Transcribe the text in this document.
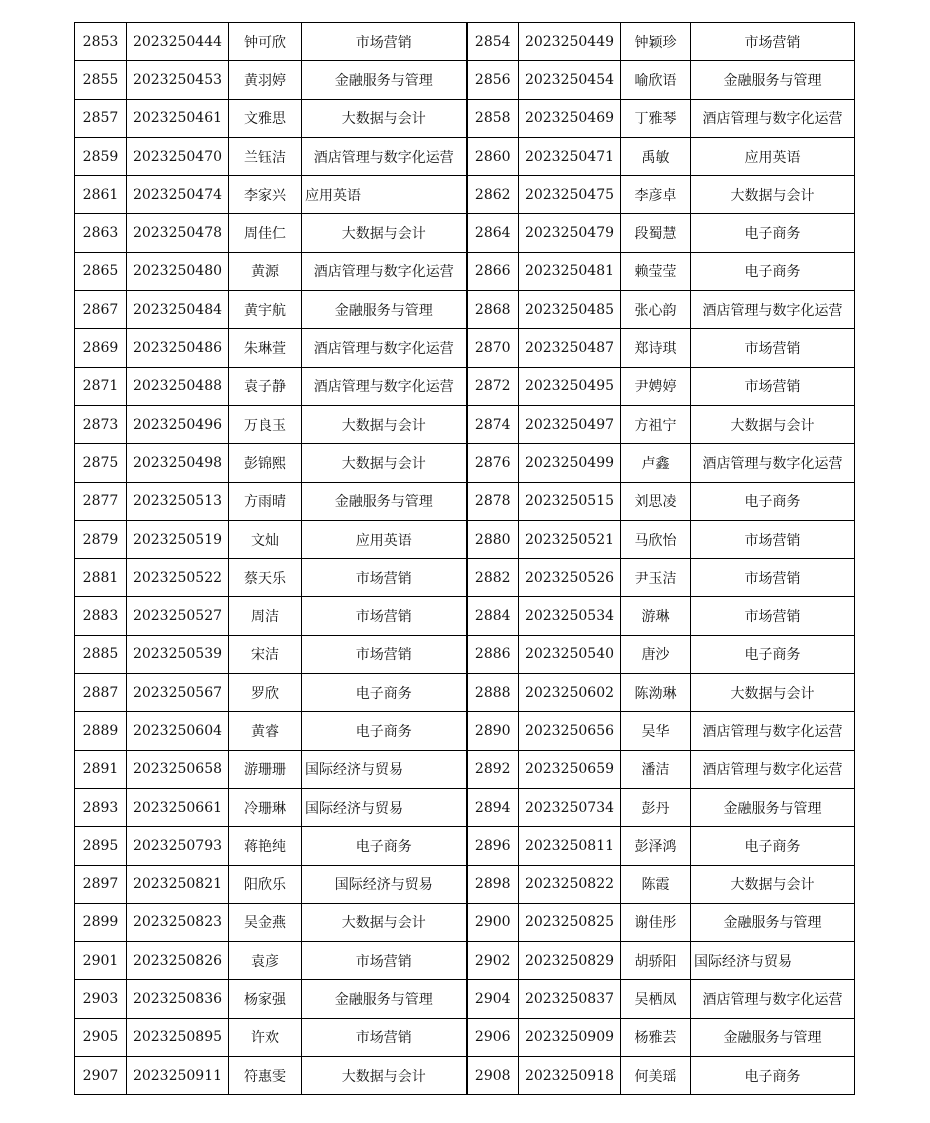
2853	2023250444	钟可欣	市场营销	2854	2023250449	钟颖珍	市场营销
2855	2023250453	黄羽婷	金融服务与管理	2856	2023250454	喻欣语	金融服务与管理
2857	2023250461	文雅思	大数据与会计	2858	2023250469	丁雅琴	酒店管理与数字化运营
2859	2023250470	兰钰洁	酒店管理与数字化运营	2860	2023250471	禹敏	应用英语
2861	2023250474	李家兴	应用英语	2862	2023250475	李彦卓	大数据与会计
2863	2023250478	周佳仁	大数据与会计	2864	2023250479	段蜀慧	电子商务
2865	2023250480	黄源	酒店管理与数字化运营	2866	2023250481	赖莹莹	电子商务
2867	2023250484	黄宇航	金融服务与管理	2868	2023250485	张心韵	酒店管理与数字化运营
2869	2023250486	朱琳萱	酒店管理与数字化运营	2870	2023250487	郑诗琪	市场营销
2871	2023250488	袁子静	酒店管理与数字化运营	2872	2023250495	尹娉婷	市场营销
2873	2023250496	万良玉	大数据与会计	2874	2023250497	方祖宁	大数据与会计
2875	2023250498	彭锦熙	大数据与会计	2876	2023250499	卢鑫	酒店管理与数字化运营
2877	2023250513	方雨晴	金融服务与管理	2878	2023250515	刘思凌	电子商务
2879	2023250519	文灿	应用英语	2880	2023250521	马欣怡	市场营销
2881	2023250522	蔡天乐	市场营销	2882	2023250526	尹玉洁	市场营销
2883	2023250527	周洁	市场营销	2884	2023250534	游琳	市场营销
2885	2023250539	宋洁	市场营销	2886	2023250540	唐沙	电子商务
2887	2023250567	罗欣	电子商务	2888	2023250602	陈泑琳	大数据与会计
2889	2023250604	黄睿	电子商务	2890	2023250656	吴华	酒店管理与数字化运营
2891	2023250658	游珊珊	国际经济与贸易	2892	2023250659	潘洁	酒店管理与数字化运营
2893	2023250661	冷珊琳	国际经济与贸易	2894	2023250734	彭丹	金融服务与管理
2895	2023250793	蒋艳纯	电子商务	2896	2023250811	彭泽鸿	电子商务
2897	2023250821	阳欣乐	国际经济与贸易	2898	2023250822	陈霞	大数据与会计
2899	2023250823	吴金燕	大数据与会计	2900	2023250825	谢佳彤	金融服务与管理
2901	2023250826	袁彦	市场营销	2902	2023250829	胡骄阳	国际经济与贸易
2903	2023250836	杨家强	金融服务与管理	2904	2023250837	吴栖凤	酒店管理与数字化运营
2905	2023250895	许欢	市场营销	2906	2023250909	杨雅芸	金融服务与管理
2907	2023250911	符惠雯	大数据与会计	2908	2023250918	何美瑶	电子商务
